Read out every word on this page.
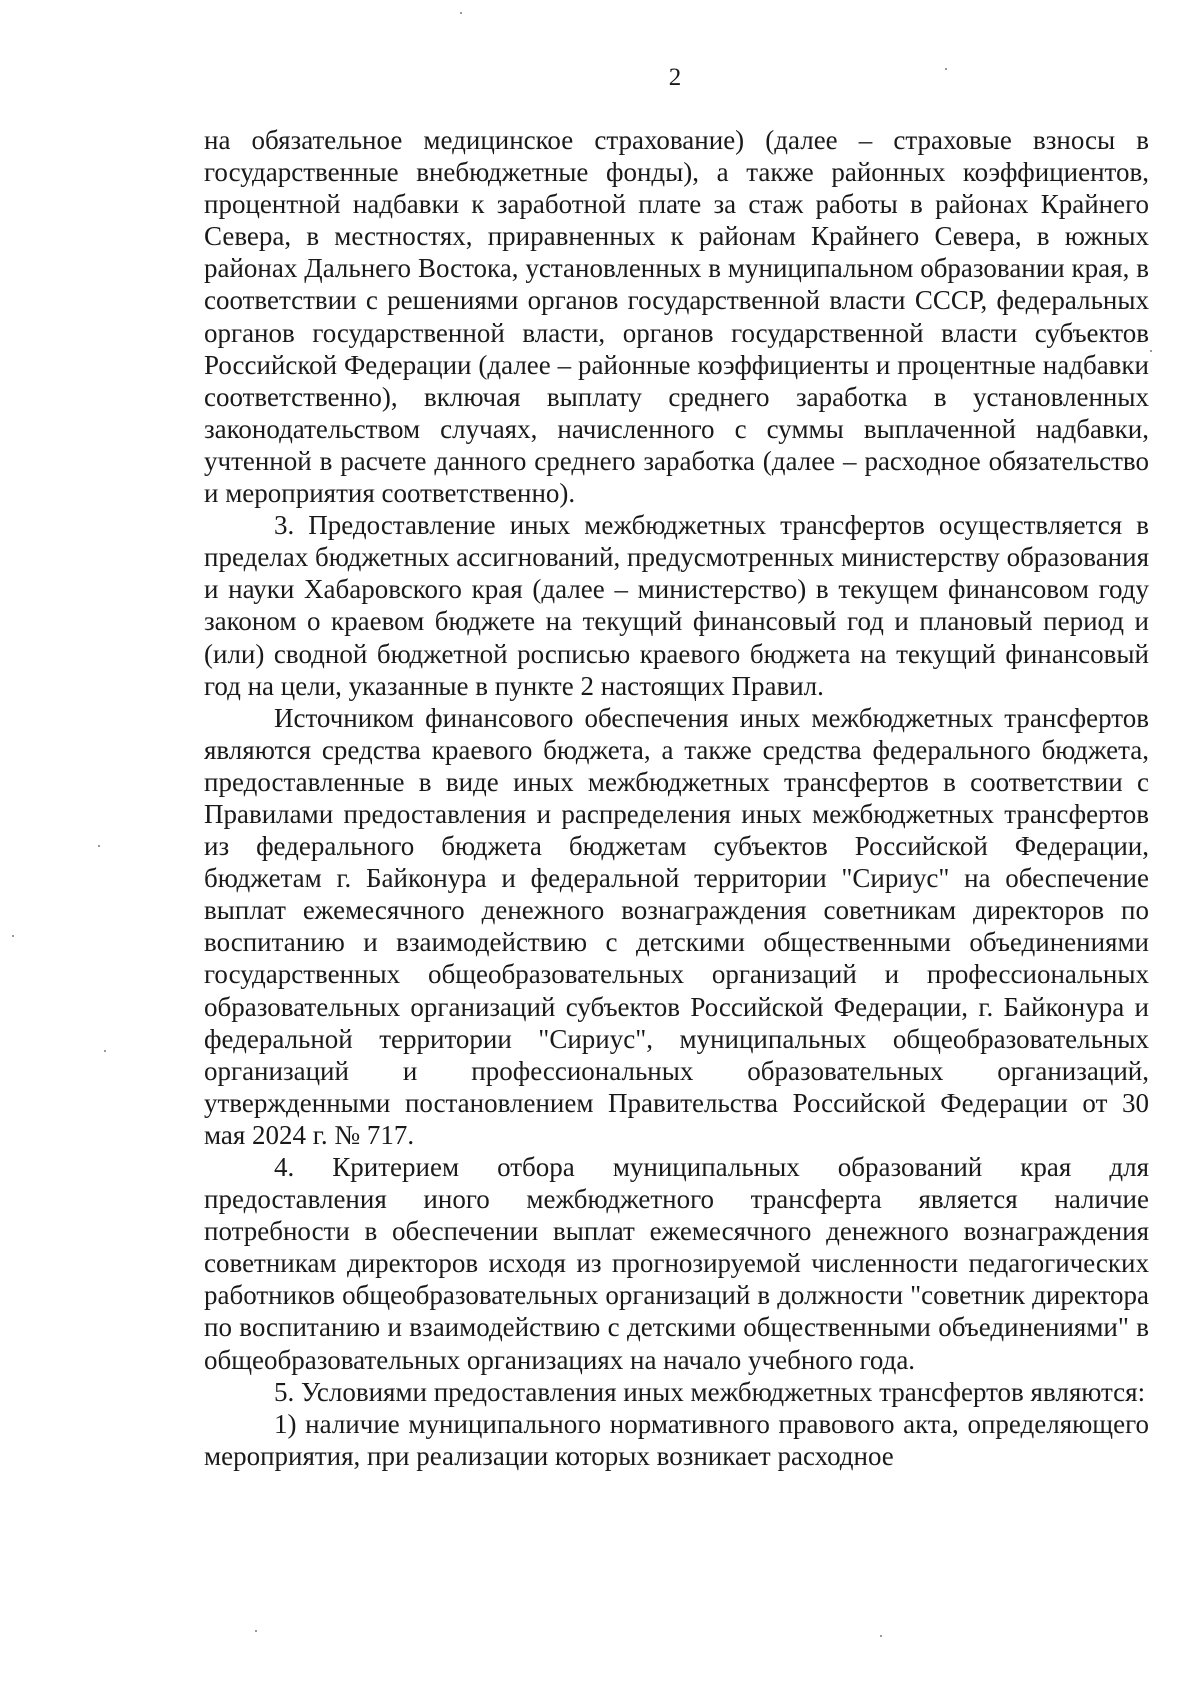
2

на обязательное медицинское страхование) (далее – страховые взносы в государственные внебюджетные фонды), а также районных коэффициентов, процентной надбавки к заработной плате за стаж работы в районах Крайнего Севера, в местностях, приравненных к районам Крайнего Севера, в южных районах Дальнего Востока, установленных в муниципальном образовании края, в соответствии с решениями органов государственной власти СССР, федеральных органов государственной власти, органов государственной власти субъектов Российской Федерации (далее – районные коэффициенты и процентные надбавки соответственно), включая выплату среднего заработка в установленных законодательством случаях, начисленного с суммы выплаченной надбавки, учтенной в расчете данного среднего заработка (далее – расходное обязательство и мероприятия соответственно).

3. Предоставление иных межбюджетных трансфертов осуществляется в пределах бюджетных ассигнований, предусмотренных министерству образования и науки Хабаровского края (далее – министерство) в текущем финансовом году законом о краевом бюджете на текущий финансовый год и плановый период и (или) сводной бюджетной росписью краевого бюджета на текущий финансовый год на цели, указанные в пункте 2 настоящих Правил.

Источником финансового обеспечения иных межбюджетных трансфертов являются средства краевого бюджета, а также средства федерального бюджета, предоставленные в виде иных межбюджетных трансфертов в соответствии с Правилами предоставления и распределения иных межбюджетных трансфертов из федерального бюджета бюджетам субъектов Российской Федерации, бюджетам г. Байконура и федеральной территории "Сириус" на обеспечение выплат ежемесячного денежного вознаграждения советникам директоров по воспитанию и взаимодействию с детскими общественными объединениями государственных общеобразовательных организаций и профессиональных образовательных организаций субъектов Российской Федерации, г. Байконура и федеральной территории "Сириус", муниципальных общеобразовательных организаций и профессиональных образовательных организаций, утвержденными постановлением Правительства Российской Федерации от 30 мая 2024 г. № 717.

4. Критерием отбора муниципальных образований края для предоставления иного межбюджетного трансферта является наличие потребности в обеспечении выплат ежемесячного денежного вознаграждения советникам директоров исходя из прогнозируемой численности педагогических работников общеобразовательных организаций в должности "советник директора по воспитанию и взаимодействию с детскими общественными объединениями" в общеобразовательных организациях на начало учебного года.

5. Условиями предоставления иных межбюджетных трансфертов являются:

1) наличие муниципального нормативного правового акта, определяющего мероприятия, при реализации которых возникает расходное
